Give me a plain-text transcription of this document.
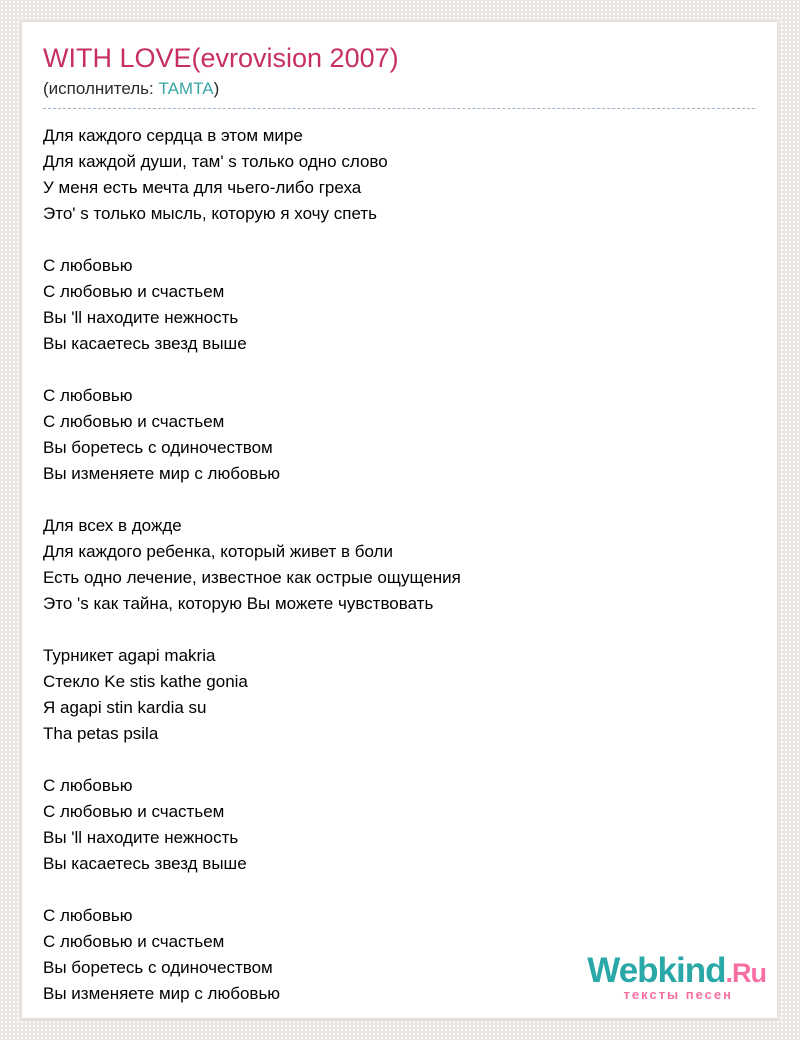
WITH LOVE(evrovision 2007)
(исполнитель: TAMTA)

Для каждого сердца в этом мире
Для каждой души, там' s только одно слово
У меня есть мечта для чьего-либо греха
Это' s только мысль, которую я хочу спеть

С любовью
С любовью и счастьем
Вы 'll находите нежность
Вы касаетесь звезд выше

С любовью
С любовью и счастьем
Вы боретесь с одиночеством
Вы изменяете мир с любовью

Для всех в дожде
Для каждого ребенка, который живет в боли
Есть одно лечение, известное как острые ощущения
Это 's как тайна, которую Вы можете чувствовать

Турникет agapi makria
Стекло Ke stis kathe gonia
Я agapi stin kardia su
Tha petas psila

С любовью
С любовью и счастьем
Вы 'll находите нежность
Вы касаетесь звезд выше

С любовью
С любовью и счастьем
Вы боретесь с одиночеством
Вы изменяете мир с любовью

Webkind.Ru
тексты песен
